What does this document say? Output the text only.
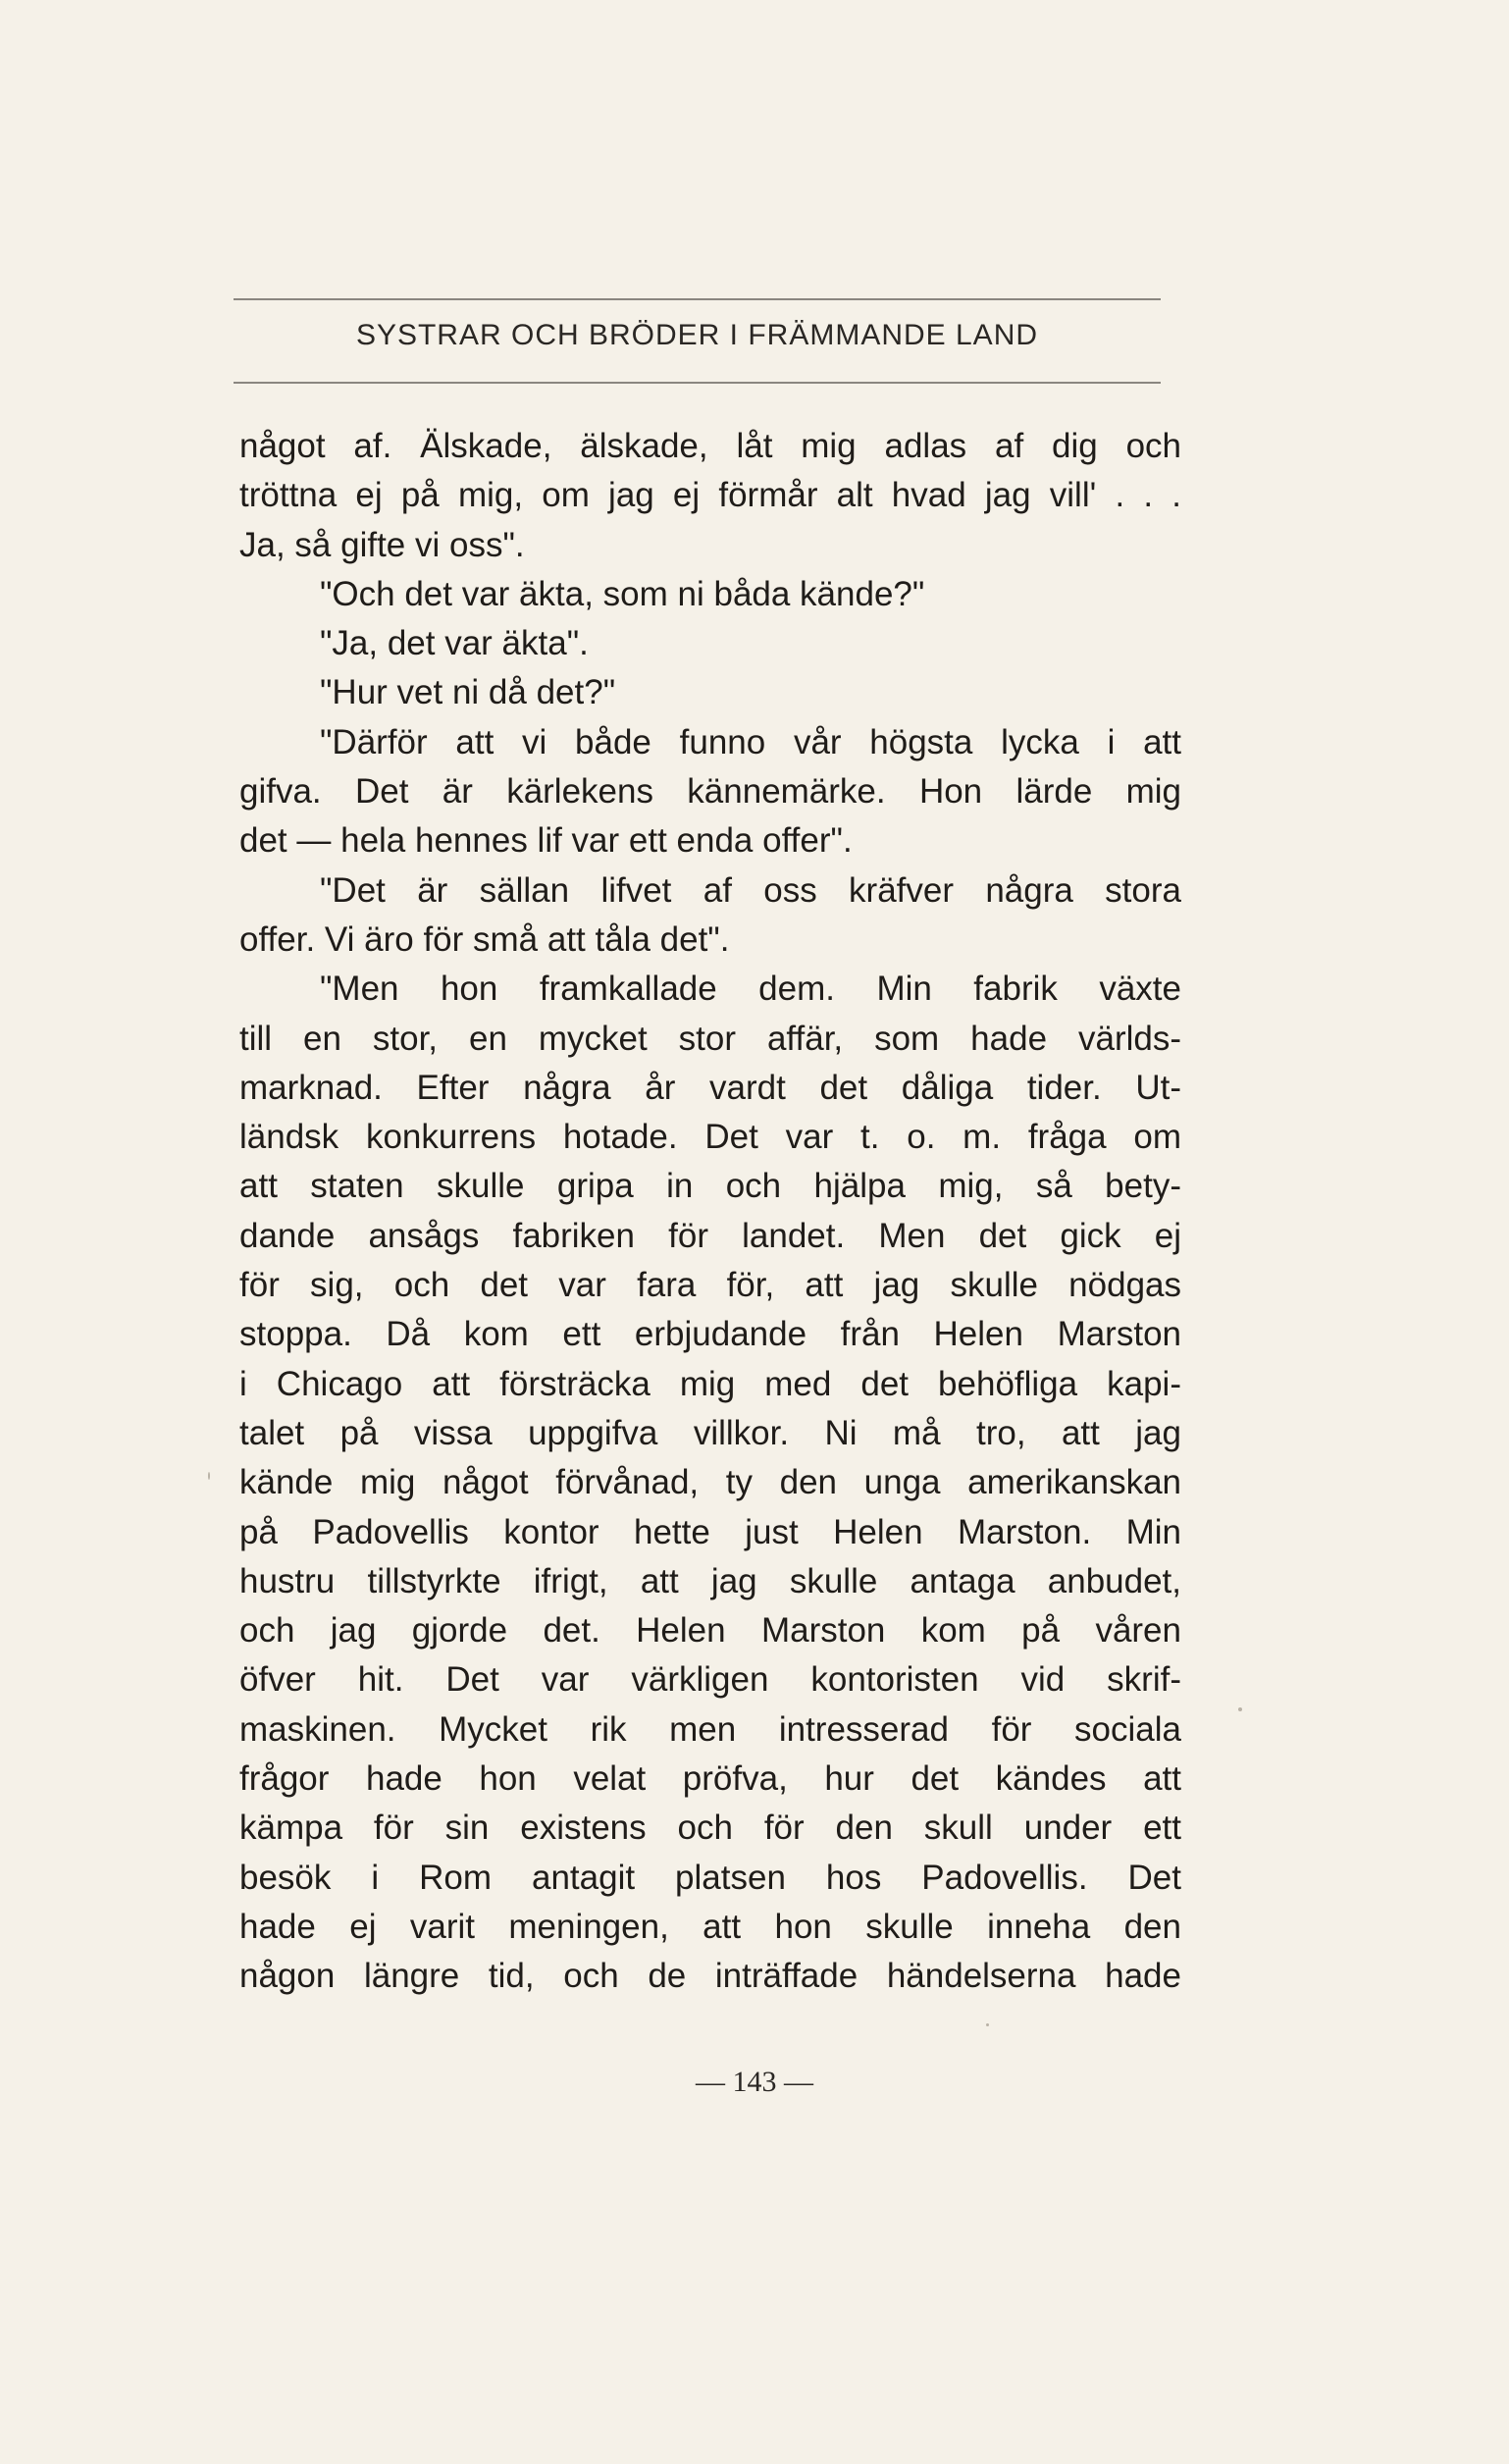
SYSTRAR OCH BRÖDER I FRÄMMANDE LAND
något af. Älskade, älskade, låt mig adlas af dig och
tröttna ej på mig, om jag ej förmår alt hvad jag vill' . . .
Ja, så gifte vi oss".
"Och det var äkta, som ni båda kände?"
"Ja, det var äkta".
"Hur vet ni då det?"
"Därför att vi både funno vår högsta lycka i att
gifva. Det är kärlekens kännemärke. Hon lärde mig
det — hela hennes lif var ett enda offer".
"Det är sällan lifvet af oss kräfver några stora
offer. Vi äro för små att tåla det".
"Men hon framkallade dem. Min fabrik växte
till en stor, en mycket stor affär, som hade världs-
marknad. Efter några år vardt det dåliga tider. Ut-
ländsk konkurrens hotade. Det var t. o. m. fråga om
att staten skulle gripa in och hjälpa mig, så bety-
dande ansågs fabriken för landet. Men det gick ej
för sig, och det var fara för, att jag skulle nödgas
stoppa. Då kom ett erbjudande från Helen Marston
i Chicago att försträcka mig med det behöfliga kapi-
talet på vissa uppgifva villkor. Ni må tro, att jag
kände mig något förvånad, ty den unga amerikanskan
på Padovellis kontor hette just Helen Marston. Min
hustru tillstyrkte ifrigt, att jag skulle antaga anbudet,
och jag gjorde det. Helen Marston kom på våren
öfver hit. Det var värkligen kontoristen vid skrif-
maskinen. Mycket rik men intresserad för sociala
frågor hade hon velat pröfva, hur det kändes att
kämpa för sin existens och för den skull under ett
besök i Rom antagit platsen hos Padovellis. Det
hade ej varit meningen, att hon skulle inneha den
någon längre tid, och de inträffade händelserna hade
— 143 —
